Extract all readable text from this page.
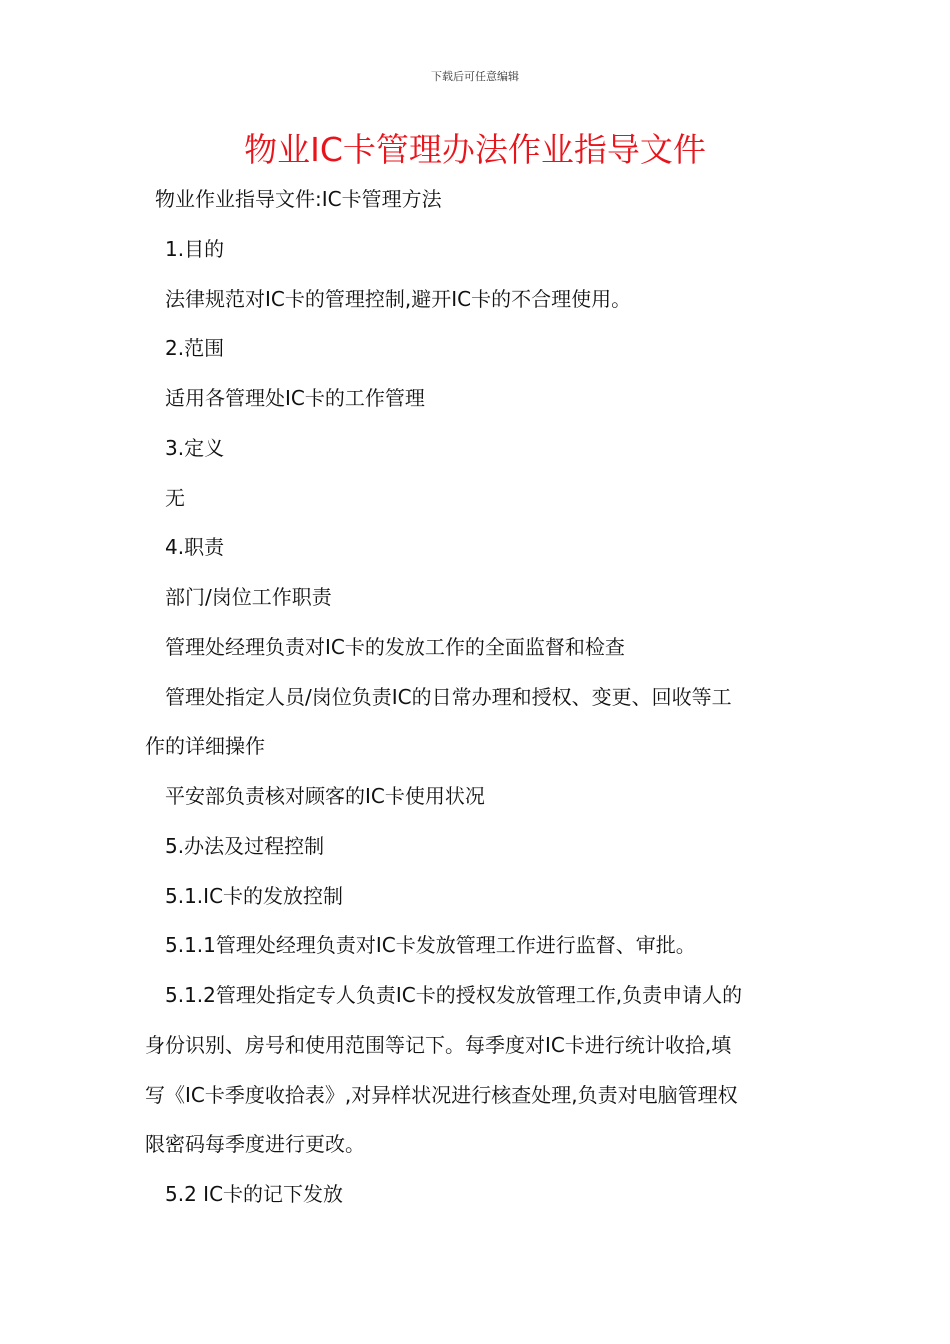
下载后可任意编辑
物业IC卡管理办法作业指导文件
物业作业指导文件:IC卡管理方法
1.目的
法律规范对IC卡的管理控制,避开IC卡的不合理使用。
2.范围
适用各管理处IC卡的工作管理
3.定义
无
4.职责
部门/岗位工作职责
管理处经理负责对IC卡的发放工作的全面监督和检查
管理处指定人员/岗位负责IC的日常办理和授权、变更、回收等工
作的详细操作
平安部负责核对顾客的IC卡使用状况
5.办法及过程控制
5.1.IC卡的发放控制
5.1.1管理处经理负责对IC卡发放管理工作进行监督、审批。
5.1.2管理处指定专人负责IC卡的授权发放管理工作,负责申请人的
身份识别、房号和使用范围等记下。每季度对IC卡进行统计收拾,填
写《IC卡季度收拾表》,对异样状况进行核查处理,负责对电脑管理权
限密码每季度进行更改。
5.2 IC卡的记下发放
